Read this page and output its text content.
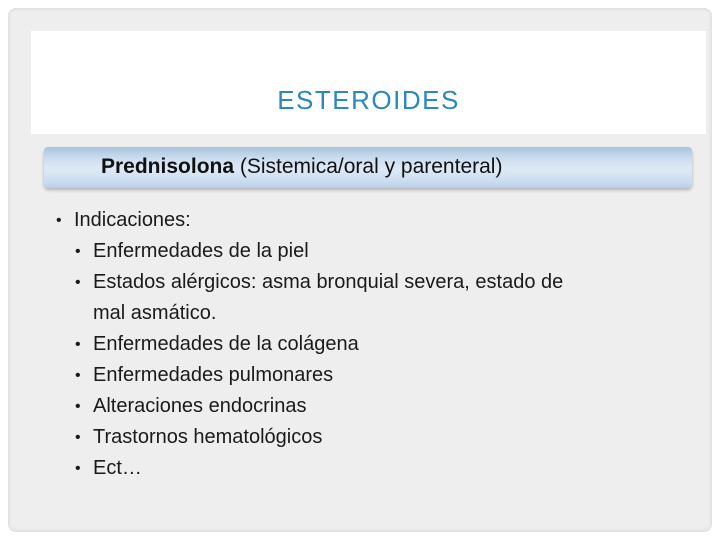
ESTEROIDES
Prednisolona (Sistemica/oral y parenteral)
• Indicaciones:
• Enfermedades de la piel
• Estados alérgicos: asma bronquial severa, estado de
mal asmático.
• Enfermedades de la colágena
• Enfermedades pulmonares
• Alteraciones endocrinas
• Trastornos hematológicos
• Ect…
